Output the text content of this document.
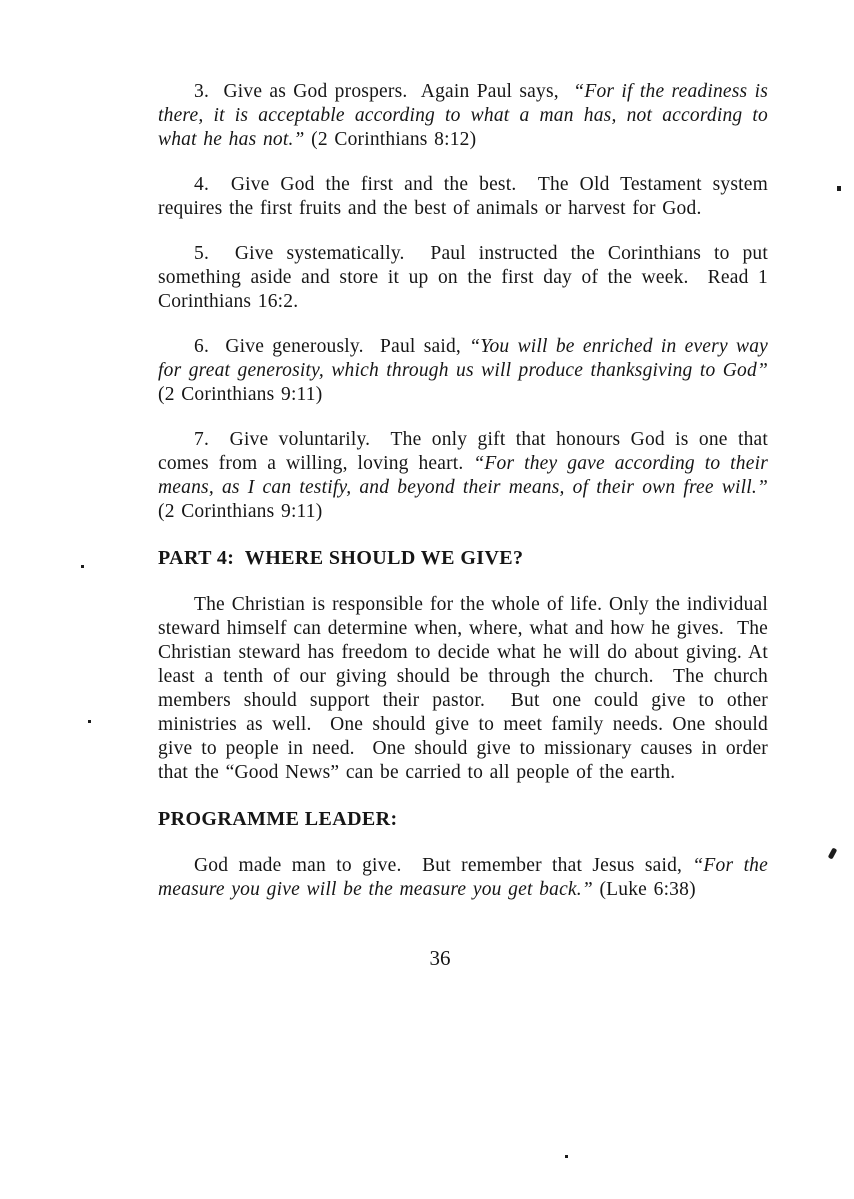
3.  Give as God prospers.  Again Paul says,  “For if the readiness is there, it is acceptable according to what a man has, not according to what he has not.” (2 Corinthians 8:12)

4.  Give God the first and the best.  The Old Testament system requires the first fruits and the best of animals or harvest for God.

5.  Give systematically.  Paul instructed the Corinthians to put something aside and store it up on the first day of the week.  Read 1 Corinthians 16:2.

6.  Give generously.  Paul said, “You will be enriched in every way for great generosity, which through us will produce thanksgiving to God” (2 Corinthians 9:11)

7.  Give voluntarily.  The only gift that honours God is one that comes from a willing, loving heart. “For they gave according to their means, as I can testify, and beyond their means, of their own free will.” (2 Corinthians 9:11)

PART 4:  WHERE SHOULD WE GIVE?

The Christian is responsible for the whole of life. Only the individual steward himself can determine when, where, what and how he gives.  The Christian steward has freedom to decide what he will do about giving. At least a tenth of our giving should be through the church.  The church members should support their pastor.  But one could give to other ministries as well.  One should give to meet family needs. One should give to people in need.  One should give to missionary causes in order that the “Good News” can be carried to all people of the earth.

PROGRAMME LEADER:

God made man to give.  But remember that Jesus said, “For the measure you give will be the measure you get back.” (Luke 6:38)

36
